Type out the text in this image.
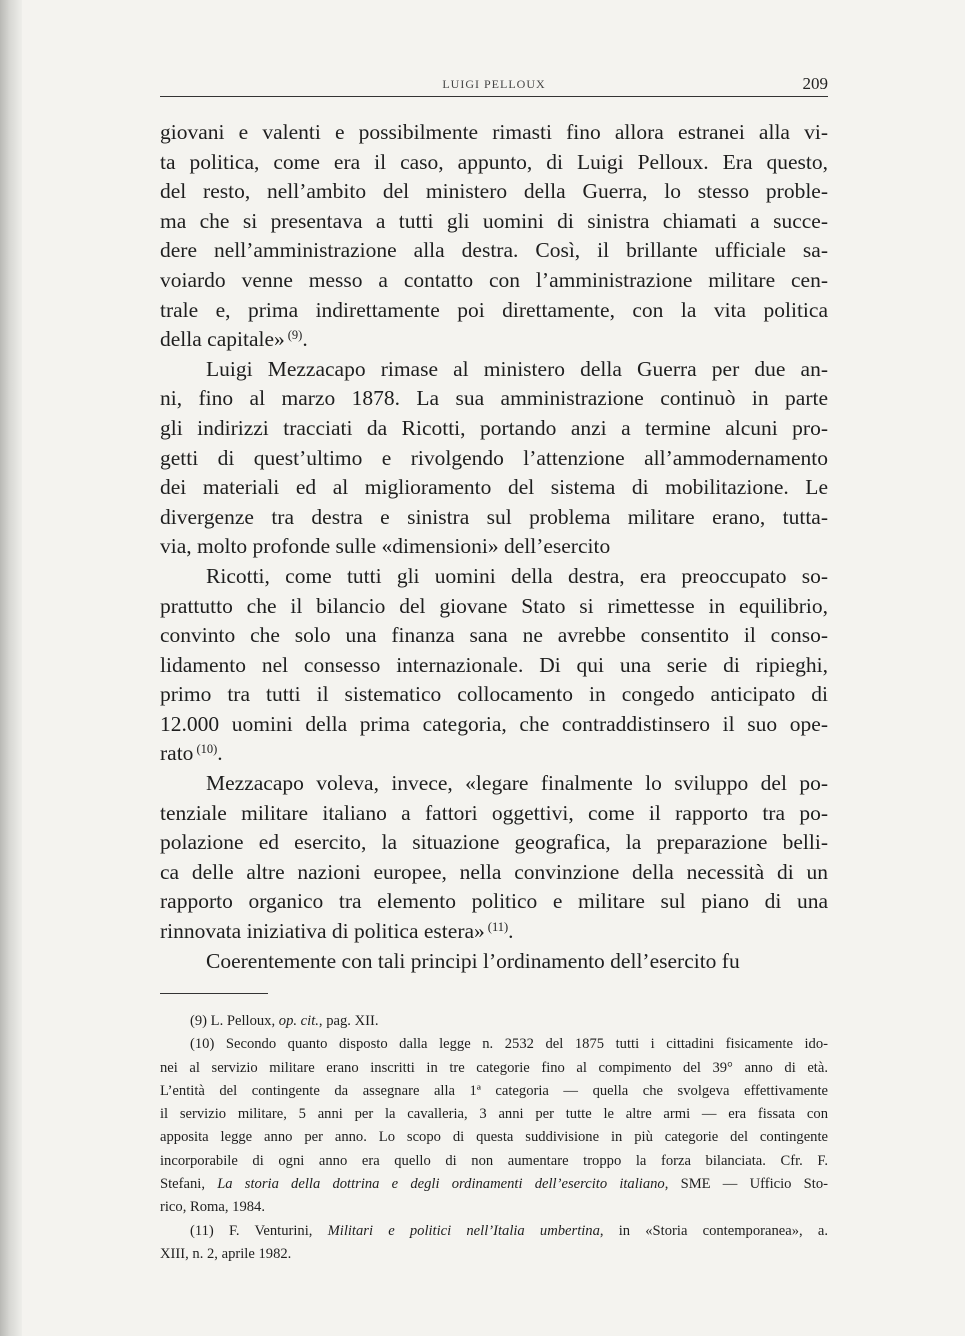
LUIGI PELLOUX	209
giovani e valenti e possibilmente rimasti fino allora estranei alla vi-
ta politica, come era il caso, appunto, di Luigi Pelloux. Era questo,
del resto, nell’ambito del ministero della Guerra, lo stesso proble-
ma che si presentava a tutti gli uomini di sinistra chiamati a succe-
dere nell’amministrazione alla destra. Così, il brillante ufficiale sa-
voiardo venne messo a contatto con l’amministrazione militare cen-
trale e, prima indirettamente poi direttamente, con la vita politica
della capitale» $^{(9)}$.
Luigi Mezzacapo rimase al ministero della Guerra per due an-
ni, fino al marzo 1878. La sua amministrazione continuò in parte
gli indirizzi tracciati da Ricotti, portando anzi a termine alcuni pro-
getti di quest’ultimo e rivolgendo l’attenzione all’ammodernamento
dei materiali ed al miglioramento del sistema di mobilitazione. Le
divergenze tra destra e sinistra sul problema militare erano, tutta-
via, molto profonde sulle «dimensioni» dell’esercito
Ricotti, come tutti gli uomini della destra, era preoccupato so-
prattutto che il bilancio del giovane Stato si rimettesse in equilibrio,
convinto che solo una finanza sana ne avrebbe consentito il conso-
lidamento nel consesso internazionale. Di qui una serie di ripieghi,
primo tra tutti il sistematico collocamento in congedo anticipato di
12.000 uomini della prima categoria, che contraddistinsero il suo ope-
rato $^{(10)}$.
Mezzacapo voleva, invece, «legare finalmente lo sviluppo del po-
tenziale militare italiano a fattori oggettivi, come il rapporto tra po-
polazione ed esercito, la situazione geografica, la preparazione belli-
ca delle altre nazioni europee, nella convinzione della necessità di un
rapporto organico tra elemento politico e militare sul piano di una
rinnovata iniziativa di politica estera» $^{(11)}$.
Coerentemente con tali principi l’ordinamento dell’esercito fu
(9) L. Pelloux, op. cit., pag. XII.
(10) Secondo quanto disposto dalla legge n. 2532 del 1875 tutti i cittadini fisicamente ido-
nei al servizio militare erano inscritti in tre categorie fino al compimento del 39° anno di età.
L’entità del contingente da assegnare alla 1ª categoria — quella che svolgeva effettivamente
il servizio militare, 5 anni per la cavalleria, 3 anni per tutte le altre armi — era fissata con
apposita legge anno per anno. Lo scopo di questa suddivisione in più categorie del contingente
incorporabile di ogni anno era quello di non aumentare troppo la forza bilanciata. Cfr. F.
Stefani, La storia della dottrina e degli ordinamenti dell’esercito italiano, SME — Ufficio Sto-
rico, Roma, 1984.
(11) F. Venturini, Militari e politici nell’Italia umbertina, in «Storia contemporanea», a.
XIII, n. 2, aprile 1982.
